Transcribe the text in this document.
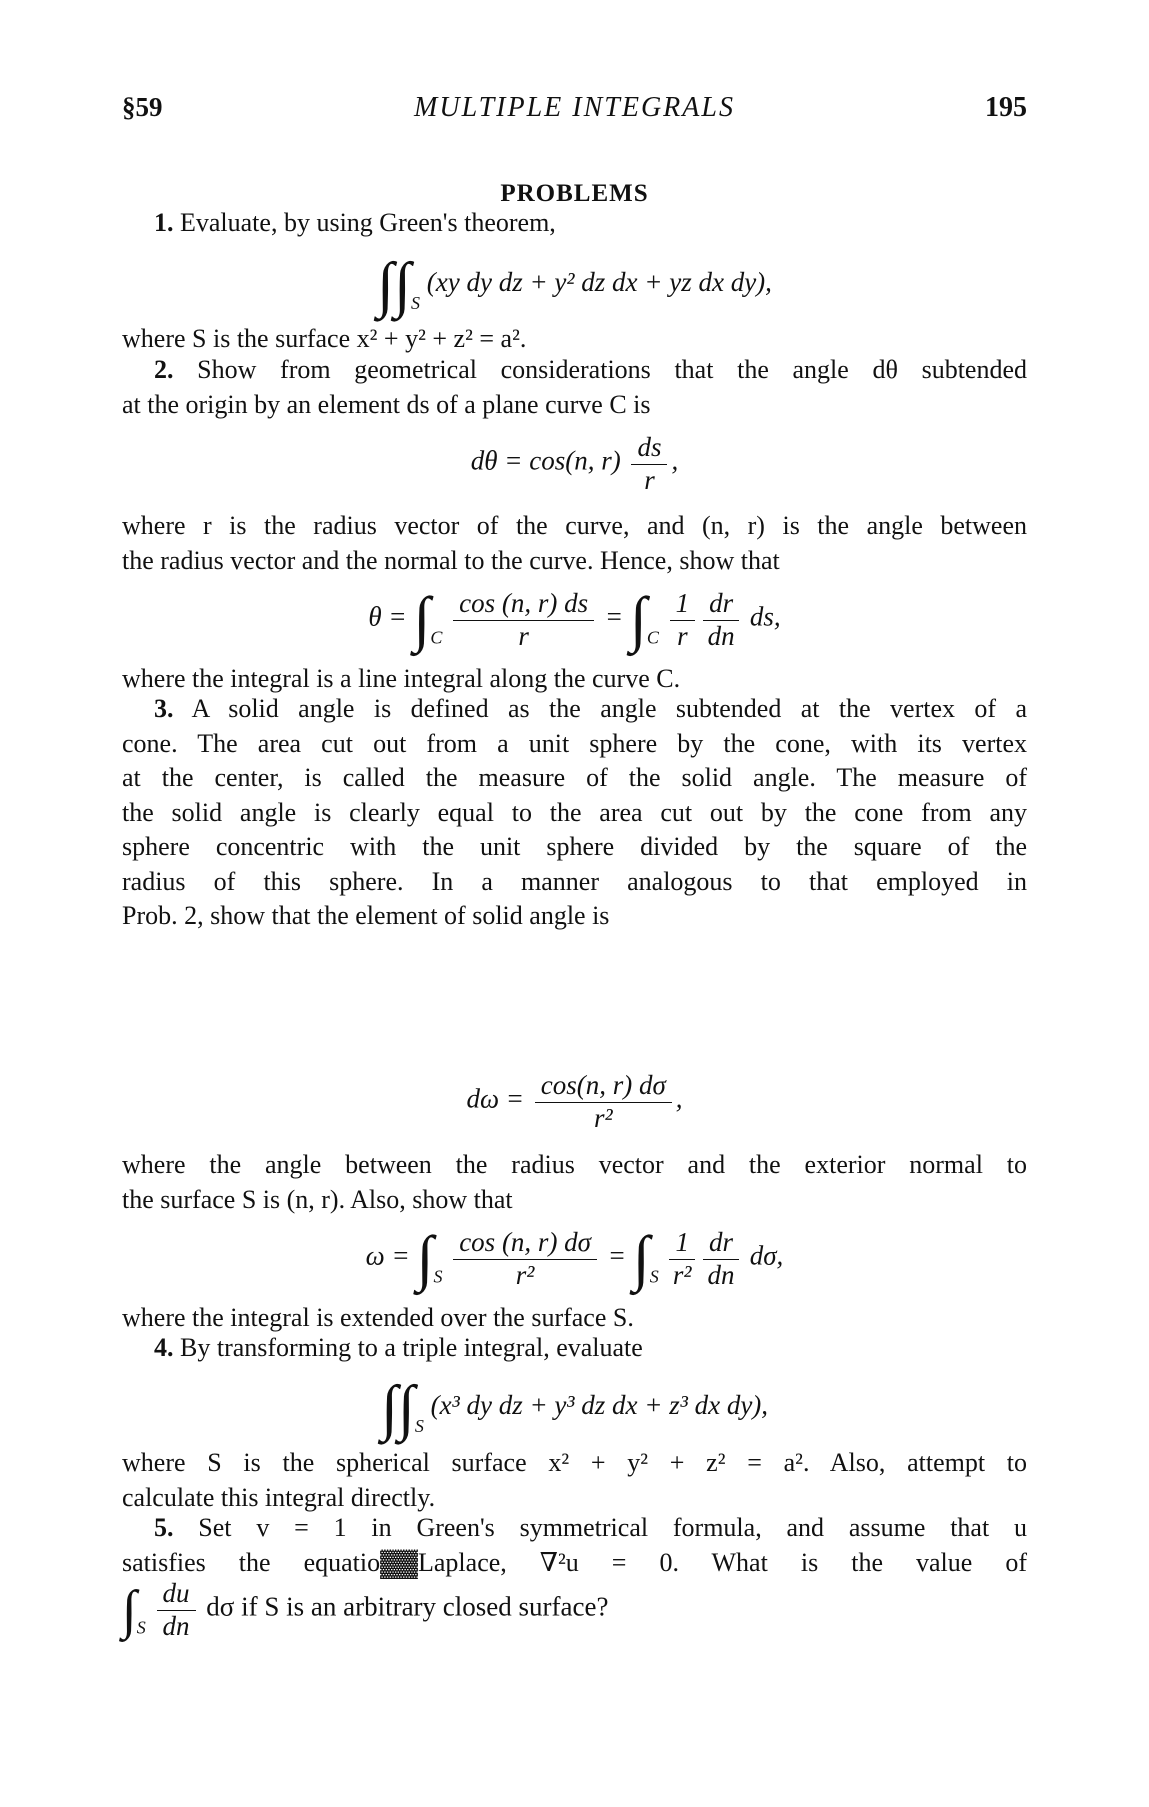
§59	MULTIPLE INTEGRALS	195
PROBLEMS
1. Evaluate, by using Green's theorem,
$\int\int_S$ (xy dy dz + y² dz dx + yz dx dy),
where S is the surface x² + y² + z² = a².
2. Show from geometrical considerations that the angle dθ subtended
at the origin by an element ds of a plane curve C is
dθ = cos(n, $r) \frac{ds}{r}$ ,
where r is the radius vector of the curve, and (n, r) is the angle between
the radius vector and the normal to the curve. Hence, show that
$\theta = \int_C \frac{\cos (n, r) ds}{r} = \int_C \frac{1}{r} \frac{dr}{dn}$ ds,
where the integral is a line integral along the curve C.
3. A solid angle is defined as the angle subtended at the vertex of a
cone. The area cut out from a unit sphere by the cone, with its vertex
at the center, is called the measure of the solid angle. The measure of
the solid angle is clearly equal to the area cut out by the cone from any
sphere concentric with the unit sphere divided by the square of the
radius of this sphere. In a manner analogous to that employed in
Prob. 2, show that the element of solid angle is
$d\omega = \frac{\cos(n, r) d\sigma}{\text{r²}}$ ,
where the angle between the radius vector and the exterior normal to
the surface S is (n, r). Also, show that
$\omega = \int_S \frac{\cos (n, r) d\sigma}{\text{r²}} = \int_S \frac{1}{\text{r²}} \frac{dr}{dn} d\sigma$,
where the integral is extended over the surface S.
4. By transforming to a triple integral, evaluate
$\int\int_S$ (x³ dy dz + y³ dz dx + z³ dx dy),
where S is the spherical surface x² + y² + z² = a². Also, attempt to
calculate this integral directly.
5. Set v = 1 in Green's symmetrical formula, and assume that u
satisfies the equatio▓▓Laplace, ∇²u = 0. What is the value of
$\int_S \frac{du}{dn}$ dσ if S is an arbitrary closed surface?
